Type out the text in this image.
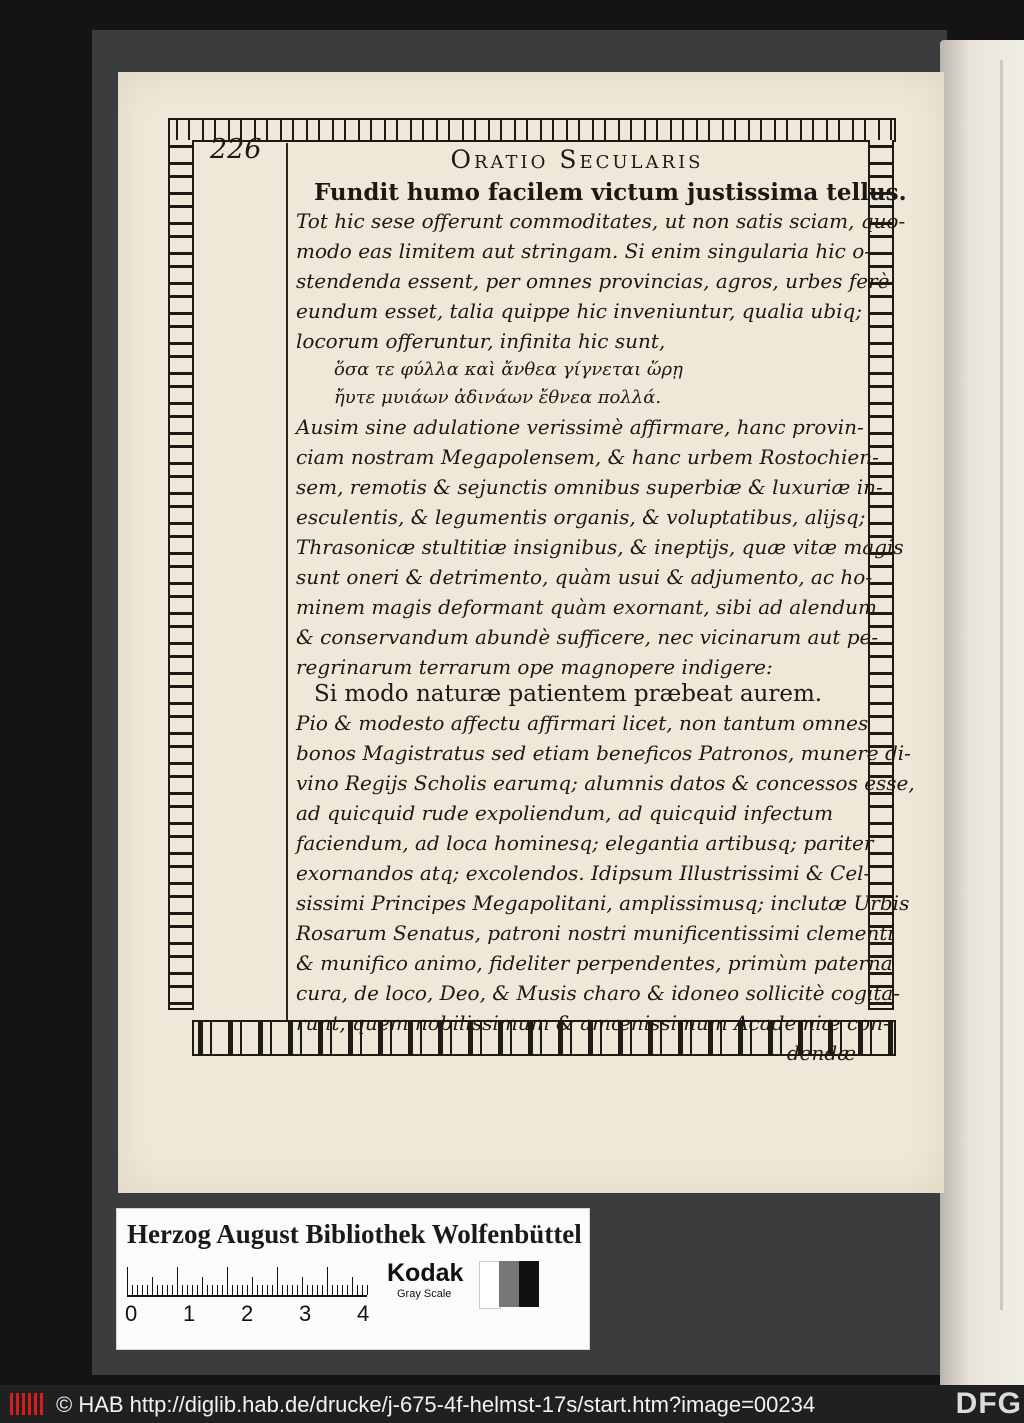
226	Oratio Secularis
Fundit humo facilem victum justissima tellus.
Tot hic sese offerunt commoditates, ut non satis sciam, quo-
modo eas limitem aut stringam. Si enim singularia hic o-
stendenda essent, per omnes provincias, agros, urbes ferè
eundum esset, talia quippe hic inveniuntur, qualia ubiq;
locorum offeruntur, infinita hic sunt,
ὅσα τε φύλλα καὶ ἄνθεα γίγνεται ὥρῃ
ἤυτε μυιάων ἀδινάων ἔθνεα πολλά.
Ausim sine adulatione verissimè affirmare, hanc provin-
ciam nostram Megapolensem, & hanc urbem Rostochien-
sem, remotis & sejunctis omnibus superbiæ & luxuriæ in-
esculentis, & legumentis organis, & voluptatibus, alijsq;
Thrasonicæ stultitiæ insignibus, & ineptijs, quæ vitæ magis
sunt oneri & detrimento, quàm usui & adjumento, ac ho-
minem magis deformant quàm exornant, sibi ad alendum
& conservandum abundè sufficere, nec vicinarum aut pe-
regrinarum terrarum ope magnopere indigere:
Si modo naturæ patientem præbeat aurem.
Pio & modesto affectu affirmari licet, non tantum omnes
bonos Magistratus sed etiam beneficos Patronos, munere di-
vino Regijs Scholis earumq; alumnis datos & concessos esse,
ad quicquid rude expoliendum, ad quicquid infectum
faciendum, ad loca hominesq; elegantia artibusq; pariter
exornandos atq; excolendos. Idipsum Illustrissimi & Cel-
sissimi Principes Megapolitani, amplissimusq; inclutæ Urbis
Rosarum Senatus, patroni nostri munificentissimi clementi
& munifico animo, fideliter perpendentes, primùm paterna
cura, de loco, Deo, & Musis charo & idoneo sollicitè cogita-
runt, quem nobilissimum & amœnissimum Academiæ con-
dendæ
Herzog August Bibliothek Wolfenbüttel
0 1 2 3 4
Kodak
Gray Scale
© HAB http://diglib.hab.de/drucke/j-675-4f-helmst-17s/start.htm?image=00234	DFG
